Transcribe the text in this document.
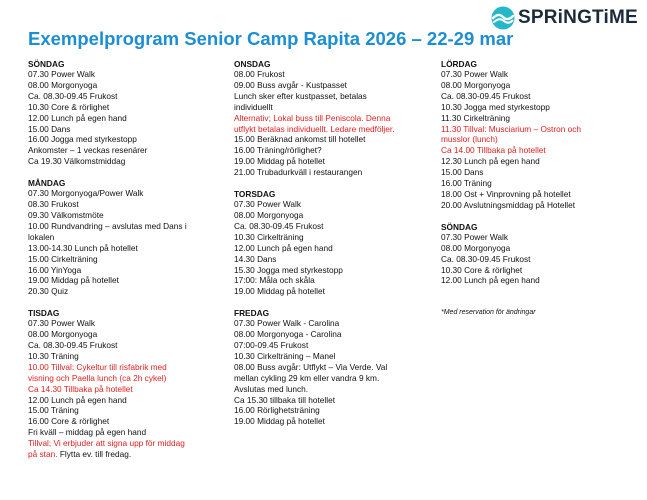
SPRiNGTiME
Exempelprogram Senior Camp Rapita 2026 – 22-29 mar

SÖNDAG

07.30 Power Walk

08.00 Morgonyoga

Ca. 08.30-09.45 Frukost

10.30 Core & rörlighet

12.00 Lunch på egen hand

15.00 Dans

16.00 Jogga med styrkestopp

Ankomster – 1 veckas resenärer

Ca 19.30 Välkomstmiddag

MÅNDAG

07.30 Morgonyoga/Power Walk

08.30 Frukost

09.30 Välkomstmöte

10.00 Rundvandring – avslutas med Dans i

lokalen

13.00-14.30 Lunch på hotellet

15.00 Cirkelträning

16.00 YinYoga

19.00 Middag på hotellet

20.30 Quiz

TISDAG

07.30 Power Walk

08.00 Morgonyoga

Ca. 08.30-09.45 Frukost

10.30 Träning

10.00 Tillval: Cykeltur till risfabrik med

visning och Paella lunch (ca 2h cykel)

Ca 14.30 Tillbaka på hotellet

12.00 Lunch på egen hand

15.00 Träning

16.00 Core & rörlighet

Fri kväll – middag på egen hand

Tillval; Vi erbjuder att signa upp för middag

på stan. Flytta ev. till fredag.

ONSDAG

08.00 Frukost

09.00 Buss avgår - Kustpasset

Lunch sker efter kustpasset, betalas

individuellt

Alternativ; Lokal buss till Peniscola. Denna

utflykt betalas individuellt. Ledare medföljer.

15.00 Beräknad ankomst till hotellet

16.00 Träning/rörlighet?

19.00 Middag på hotellet

21.00 Trubadurkväll i restaurangen

TORSDAG

07.30 Power Walk

08.00 Morgonyoga

Ca. 08.30-09.45 Frukost

10.30 Cirkelträning

12.00 Lunch på egen hand

14.30 Dans

15.30 Jogga med styrkestopp

17:00: Måla och skåla

19.00 Middag på hotellet

FREDAG

07.30 Power Walk - Carolina

08.00 Morgonyoga - Carolina

07:00-09.45 Frukost

10.30 Cirkelträning – Manel

08.00 Buss avgår: Utflykt – Via Verde. Val

mellan cykling 29 km eller vandra 9 km.

Avslutas med lunch.

Ca 15.30 tillbaka till hotellet

16.00 Rörlighetsträning

19.00 Middag på hotellet

LÖRDAG

07.30 Power Walk

08.00 Morgonyoga

Ca. 08.30-09.45 Frukost

10.30 Jogga med styrkestopp

11.30 Cirkelträning

11.30 Tillval: Musciarium – Ostron och

musslor (lunch)

Ca 14.00 Tillbaka på hotellet

12.30 Lunch på egen hand

15.00 Dans

16.00 Träning

18.00 Ost + Vinprovning på hotellet

20.00 Avslutningsmiddag på Hotellet

SÖNDAG

07.30 Power Walk

08.00 Morgonyoga

Ca. 08.30-09.45 Frukost

10.30 Core & rörlighet

12.00 Lunch på egen hand

*Med reservation för ändringar
